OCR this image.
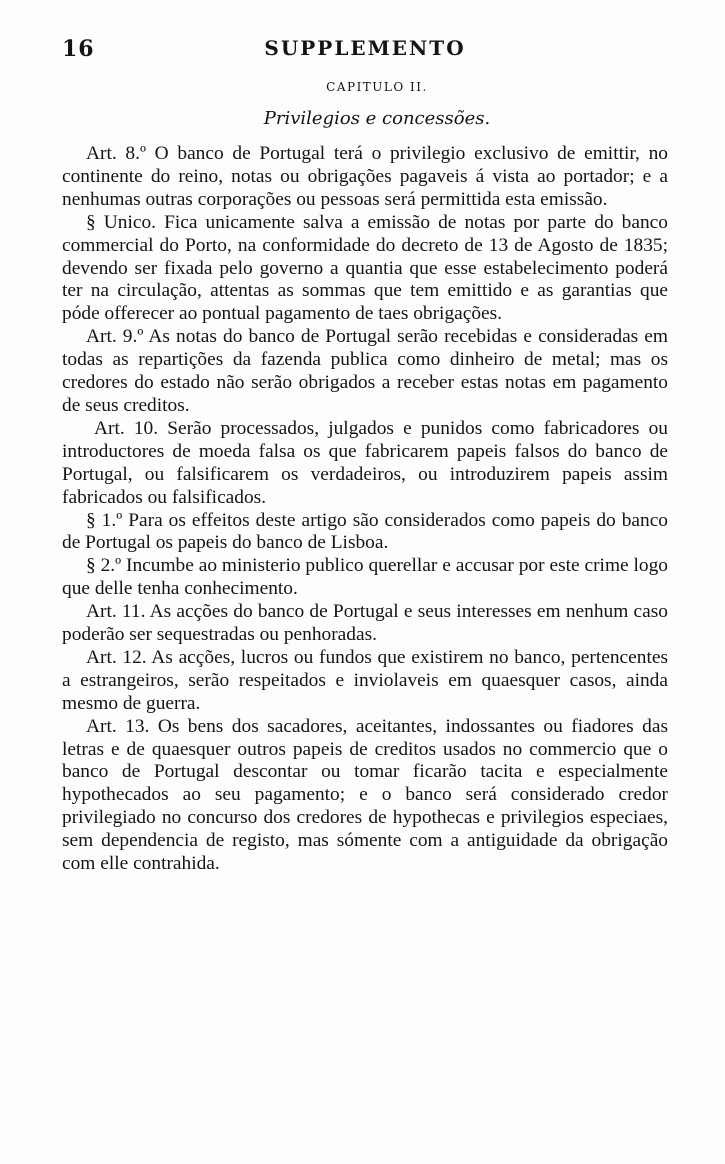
16	SUPPLEMENTO
CAPITULO II.
Privilegios e concessões.

Art. 8.º O banco de Portugal terá o privilegio exclusivo de emittir, no continente do reino, notas ou obrigações pagaveis á vista ao portador; e a nenhumas outras corporações ou pessoas será permittida esta emissão.

§ Unico. Fica unicamente salva a emissão de notas por parte do banco commercial do Porto, na conformidade do decreto de 13 de Agosto de 1835; devendo ser fixada pelo governo a quantia que esse estabelecimento poderá ter na circulação, attentas as sommas que tem emittido e as garantias que póde offerecer ao pontual pagamento de taes obrigações.

Art. 9.º As notas do banco de Portugal serão recebidas e consideradas em todas as repartições da fazenda publica como dinheiro de metal; mas os credores do estado não serão obrigados a receber estas notas em pagamento de seus creditos.

Art. 10. Serão processados, julgados e punidos como fabricadores ou introductores de moeda falsa os que fabricarem papeis falsos do banco de Portugal, ou falsificarem os verdadeiros, ou introduzirem papeis assim fabricados ou falsificados.

§ 1.º Para os effeitos deste artigo são considerados como papeis do banco de Portugal os papeis do banco de Lisboa.

§ 2.º Incumbe ao ministerio publico querellar e accusar por este crime logo que delle tenha conhecimento.

Art. 11. As acções do banco de Portugal e seus interesses em nenhum caso poderão ser sequestradas ou penhoradas.

Art. 12. As acções, lucros ou fundos que existirem no banco, pertencentes a estrangeiros, serão respeitados e inviolaveis em quaesquer casos, ainda mesmo de guerra.

Art. 13. Os bens dos sacadores, aceitantes, indossantes ou fiadores das letras e de quaesquer outros papeis de creditos usados no commercio que o banco de Portugal descontar ou tomar ficarão tacita e especialmente hypothecados ao seu pagamento; e o banco será considerado credor privilegiado no concurso dos credores de hypothecas e privilegios especiaes, sem dependencia de registo, mas sómente com a antiguidade da obrigação com elle contrahida.
